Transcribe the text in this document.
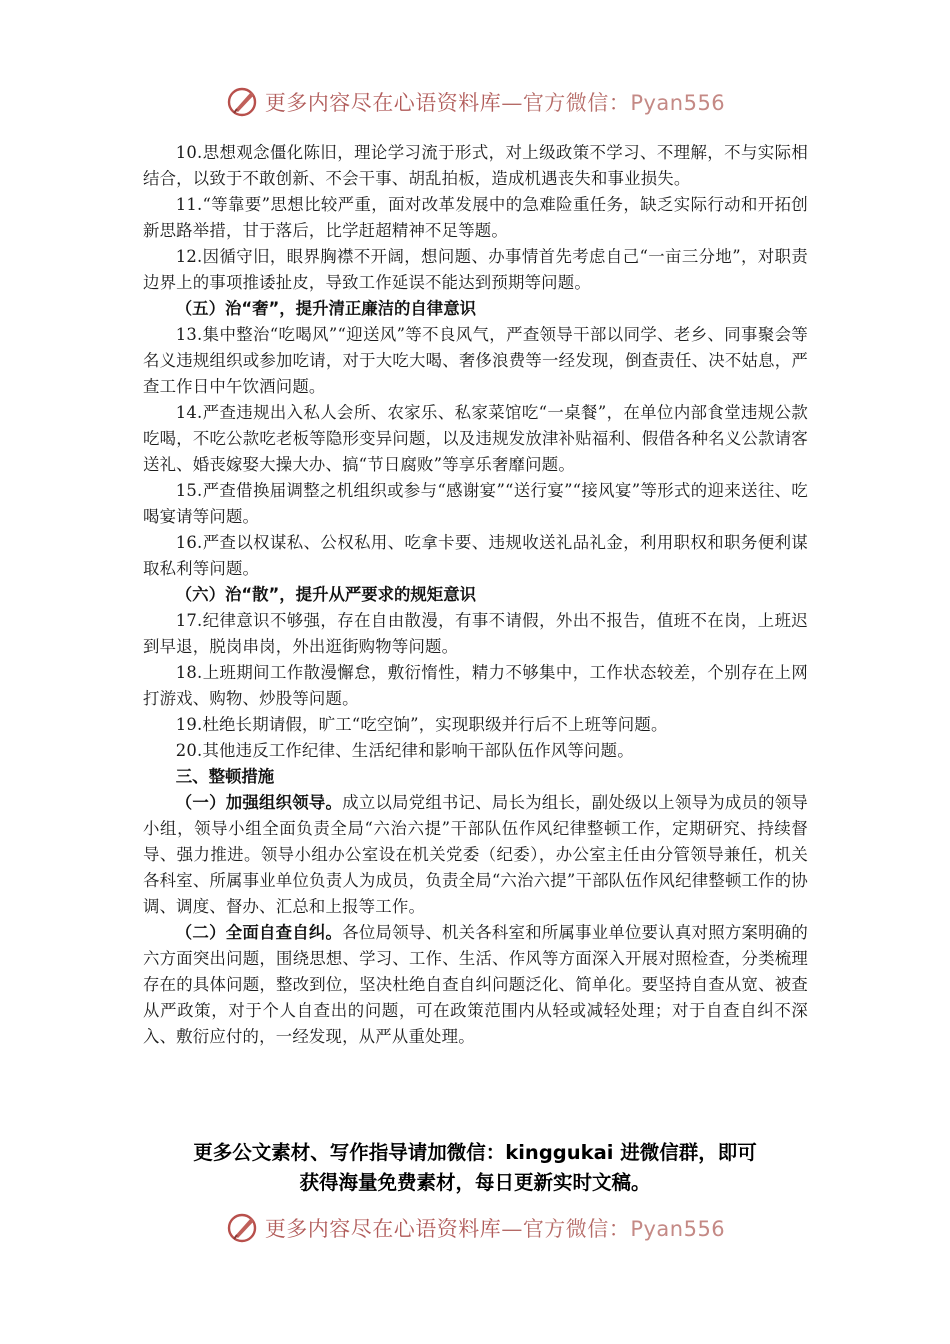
更多内容尽在心语资料库—官方微信：Pyan556

10.思想观念僵化陈旧，理论学习流于形式，对上级政策不学习、不理解，不与实际相结合，以致于不敢创新、不会干事、胡乱拍板，造成机遇丧失和事业损失。

11.“等靠要”思想比较严重，面对改革发展中的急难险重任务，缺乏实际行动和开拓创新思路举措，甘于落后，比学赶超精神不足等题。

12.因循守旧，眼界胸襟不开阔，想问题、办事情首先考虑自己“一亩三分地”，对职责边界上的事项推诿扯皮，导致工作延误不能达到预期等问题。

（五）治“奢”，提升清正廉洁的自律意识

13.集中整治“吃喝风”“迎送风”等不良风气，严查领导干部以同学、老乡、同事聚会等名义违规组织或参加吃请，对于大吃大喝、奢侈浪费等一经发现，倒查责任、决不姑息，严查工作日中午饮酒问题。

14.严查违规出入私人会所、农家乐、私家菜馆吃“一桌餐”，在单位内部食堂违规公款吃喝，不吃公款吃老板等隐形变异问题，以及违规发放津补贴福利、假借各种名义公款请客送礼、婚丧嫁娶大操大办、搞“节日腐败”等享乐奢靡问题。

15.严查借换届调整之机组织或参与“感谢宴”“送行宴”“接风宴”等形式的迎来送往、吃喝宴请等问题。

16.严查以权谋私、公权私用、吃拿卡要、违规收送礼品礼金，利用职权和职务便利谋取私利等问题。

（六）治“散”，提升从严要求的规矩意识

17.纪律意识不够强，存在自由散漫，有事不请假，外出不报告，值班不在岗，上班迟到早退，脱岗串岗，外出逛街购物等问题。

18.上班期间工作散漫懈怠，敷衍惰性，精力不够集中，工作状态较差，个别存在上网打游戏、购物、炒股等问题。

19.杜绝长期请假，旷工“吃空饷”，实现职级并行后不上班等问题。

20.其他违反工作纪律、生活纪律和影响干部队伍作风等问题。

三、整顿措施

（一）加强组织领导。成立以局党组书记、局长为组长，副处级以上领导为成员的领导小组，领导小组全面负责全局“六治六提”干部队伍作风纪律整顿工作，定期研究、持续督导、强力推进。领导小组办公室设在机关党委（纪委），办公室主任由分管领导兼任，机关各科室、所属事业单位负责人为成员，负责全局“六治六提”干部队伍作风纪律整顿工作的协调、调度、督办、汇总和上报等工作。

（二）全面自查自纠。各位局领导、机关各科室和所属事业单位要认真对照方案明确的六方面突出问题，围绕思想、学习、工作、生活、作风等方面深入开展对照检查，分类梳理存在的具体问题，整改到位，坚决杜绝自查自纠问题泛化、简单化。要坚持自查从宽、被查从严政策，对于个人自查出的问题，可在政策范围内从轻或减轻处理；对于自查自纠不深入、敷衍应付的，一经发现，从严从重处理。

更多公文素材、写作指导请加微信：kinggukai 进微信群，即可
获得海量免费素材，每日更新实时文稿。
更多内容尽在心语资料库—官方微信：Pyan556
